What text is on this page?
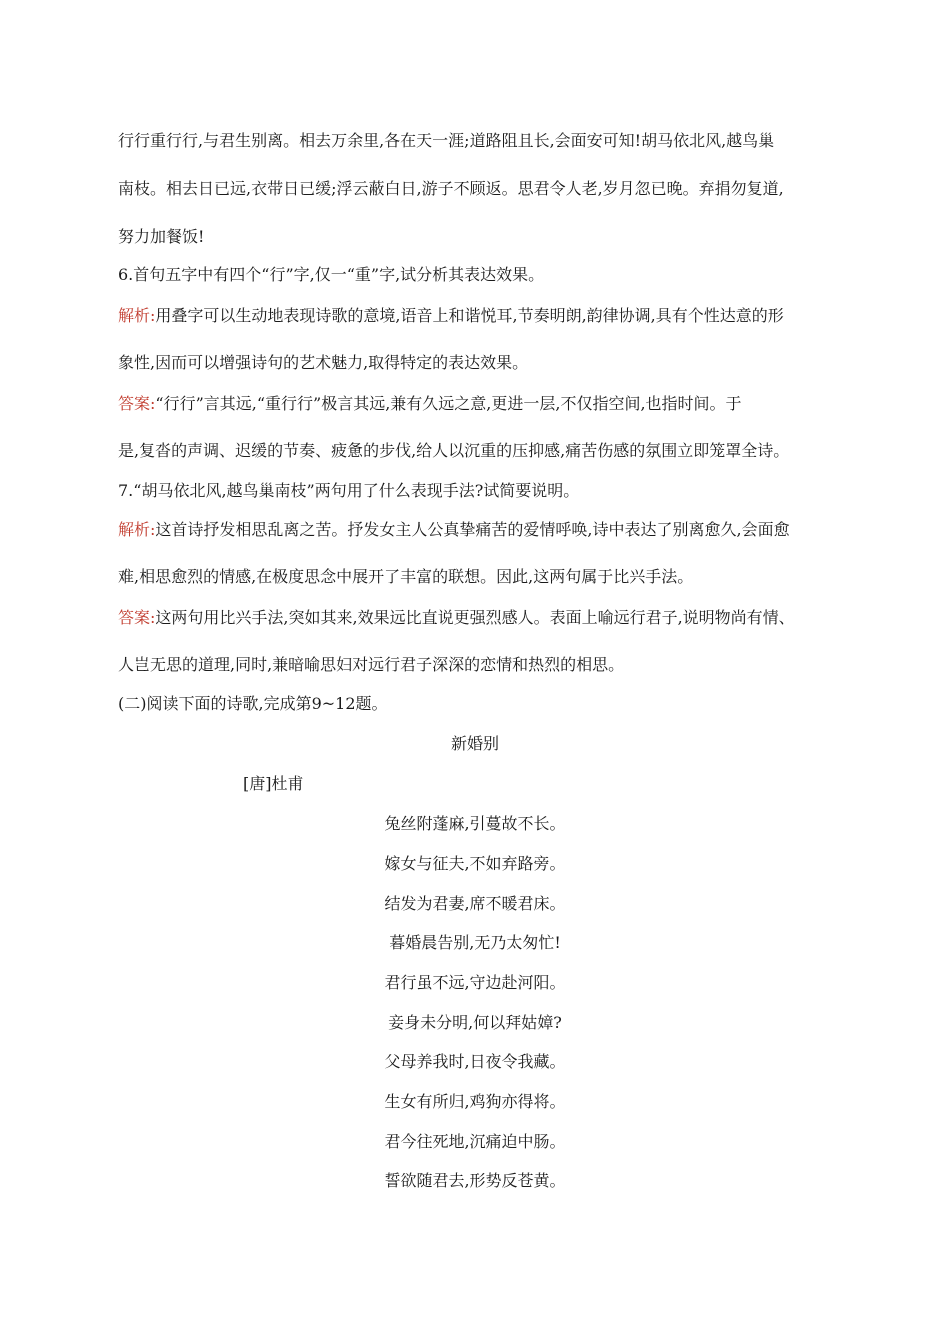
行行重行行,与君生别离。相去万余里,各在天一涯;道路阻且长,会面安可知!胡马依北风,越鸟巢
南枝。相去日已远,衣带日已缓;浮云蔽白日,游子不顾返。思君令人老,岁月忽已晚。弃捐勿复道,
努力加餐饭!
6.首句五字中有四个“行”字,仅一“重”字,试分析其表达效果。
解析:用叠字可以生动地表现诗歌的意境,语音上和谐悦耳,节奏明朗,韵律协调,具有个性达意的形
象性,因而可以增强诗句的艺术魅力,取得特定的表达效果。
答案:“行行”言其远,“重行行”极言其远,兼有久远之意,更进一层,不仅指空间,也指时间。于
是,复沓的声调、迟缓的节奏、疲惫的步伐,给人以沉重的压抑感,痛苦伤感的氛围立即笼罩全诗。
7.“胡马依北风,越鸟巢南枝”两句用了什么表现手法?试简要说明。
解析:这首诗抒发相思乱离之苦。抒发女主人公真挚痛苦的爱情呼唤,诗中表达了别离愈久,会面愈
难,相思愈烈的情感,在极度思念中展开了丰富的联想。因此,这两句属于比兴手法。
答案:这两句用比兴手法,突如其来,效果远比直说更强烈感人。表面上喻远行君子,说明物尚有情、
人岂无思的道理,同时,兼暗喻思妇对远行君子深深的恋情和热烈的相思。
(二)阅读下面的诗歌,完成第9~12题。
新婚别
[唐]杜甫
兔丝附蓬麻,引蔓故不长。
嫁女与征夫,不如弃路旁。
结发为君妻,席不暖君床。
暮婚晨告别,无乃太匆忙!
君行虽不远,守边赴河阳。
妾身未分明,何以拜姑嫜?
父母养我时,日夜令我藏。
生女有所归,鸡狗亦得将。
君今往死地,沉痛迫中肠。
誓欲随君去,形势反苍黄。
